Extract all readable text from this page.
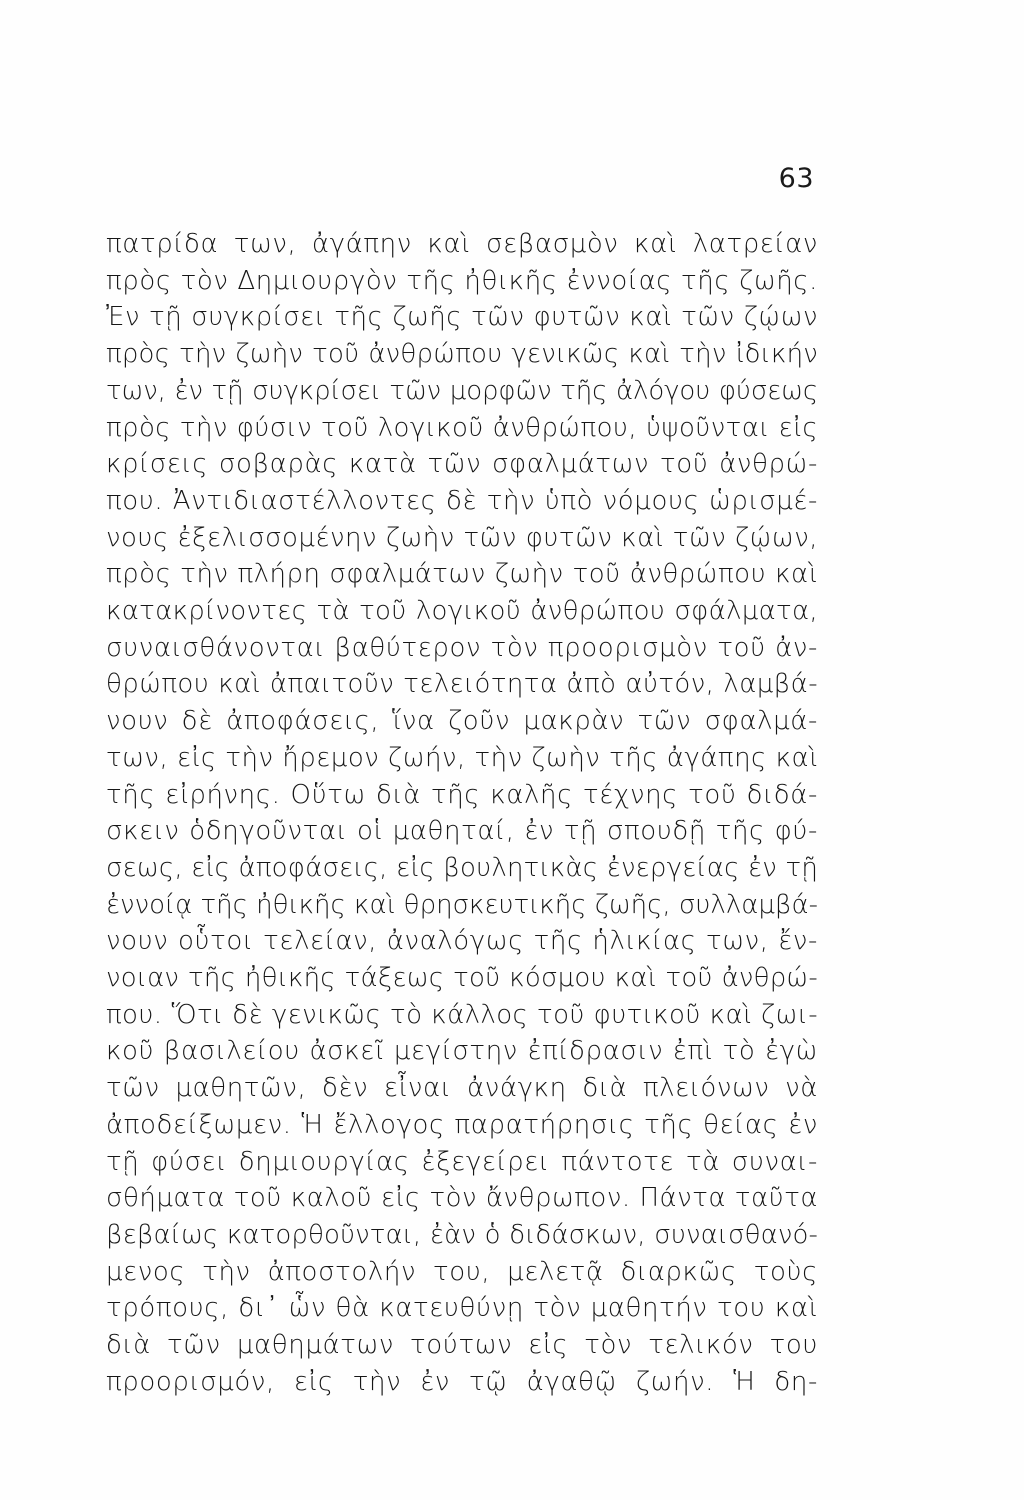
63
πατρίδα των, ἀγάπην καὶ σεβασμὸν καὶ λατρείαν
πρὸς τὸν Δημιουργὸν τῆς ἠθικῆς ἐννοίας τῆς ζωῆς.
Ἐν τῇ συγκρίσει τῆς ζωῆς τῶν φυτῶν καὶ τῶν ζῴων
πρὸς τὴν ζωὴν τοῦ ἀνθρώπου γενικῶς καὶ τὴν ἰδικήν
των, ἐν τῇ συγκρίσει τῶν μορφῶν τῆς ἀλόγου φύσεως
πρὸς τὴν φύσιν τοῦ λογικοῦ ἀνθρώπου, ὑψοῦνται εἰς
κρίσεις σοβαρὰς κατὰ τῶν σφαλμάτων τοῦ ἀνθρώ-
που. Ἀντιδιαστέλλοντες δὲ τὴν ὑπὸ νόμους ὡρισμέ-
νους ἐξελισσομένην ζωὴν τῶν φυτῶν καὶ τῶν ζῴων,
πρὸς τὴν πλήρη σφαλμάτων ζωὴν τοῦ ἀνθρώπου καὶ
κατακρίνοντες τὰ τοῦ λογικοῦ ἀνθρώπου σφάλματα,
συναισθάνονται βαθύτερον τὸν προορισμὸν τοῦ ἀν-
θρώπου καὶ ἀπαιτοῦν τελειότητα ἀπὸ αὐτόν, λαμβά-
νουν δὲ ἀποφάσεις, ἵνα ζοῦν μακρὰν τῶν σφαλμά-
των, εἰς τὴν ἤρεμον ζωήν, τὴν ζωὴν τῆς ἀγάπης καὶ
τῆς εἰρήνης. Οὕτω διὰ τῆς καλῆς τέχνης τοῦ διδά-
σκειν ὁδηγοῦνται οἱ μαθηταί, ἐν τῇ σπουδῇ τῆς φύ-
σεως, εἰς ἀποφάσεις, εἰς βουλητικὰς ἐνεργείας ἐν τῇ
ἐννοίᾳ τῆς ἠθικῆς καὶ θρησκευτικῆς ζωῆς, συλλαμβά-
νουν οὗτοι τελείαν, ἀναλόγως τῆς ἡλικίας των, ἔν-
νοιαν τῆς ἠθικῆς τάξεως τοῦ κόσμου καὶ τοῦ ἀνθρώ-
που. Ὅτι δὲ γενικῶς τὸ κάλλος τοῦ φυτικοῦ καὶ ζωι-
κοῦ βασιλείου ἀσκεῖ μεγίστην ἐπίδρασιν ἐπὶ τὸ ἐγὼ
τῶν μαθητῶν, δὲν εἶναι ἀνάγκη διὰ πλειόνων νὰ
ἀποδείξωμεν. Ἡ ἔλλογος παρατήρησις τῆς θείας ἐν
τῇ φύσει δημιουργίας ἐξεγείρει πάντοτε τὰ συναι-
σθήματα τοῦ καλοῦ εἰς τὸν ἄνθρωπον. Πάντα ταῦτα
βεβαίως κατορθοῦνται, ἐὰν ὁ διδάσκων, συναισθανό-
μενος τὴν ἀποστολήν του, μελετᾷ διαρκῶς τοὺς
τρόπους, δι᾽ ὧν θὰ κατευθύνῃ τὸν μαθητήν του καὶ
διὰ τῶν μαθημάτων τούτων εἰς τὸν τελικόν του
προορισμόν, εἰς τὴν ἐν τῷ ἀγαθῷ ζωήν. Ἡ δη-
